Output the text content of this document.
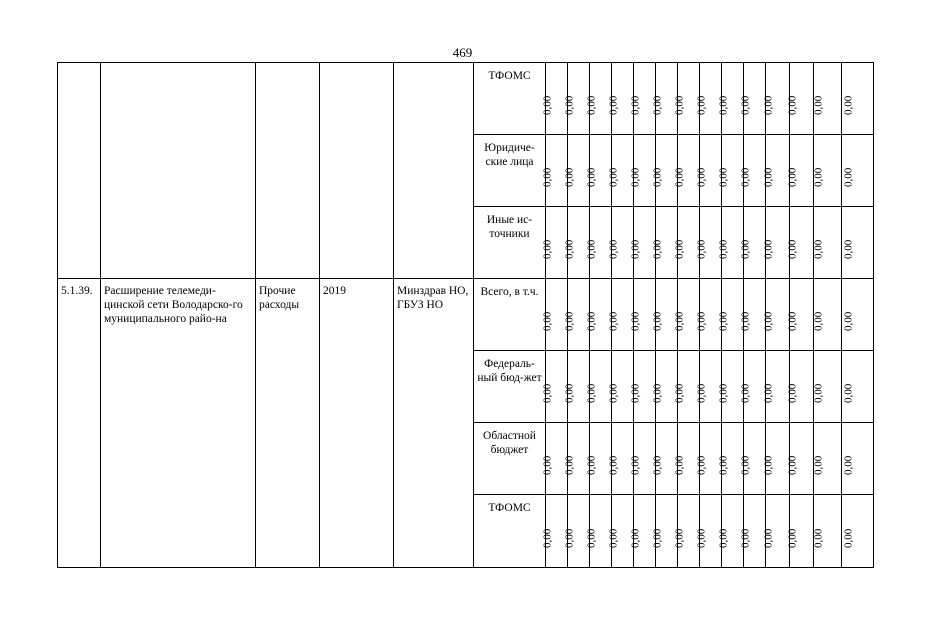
469
					ТФОМС	0,00	0,00	0,00	0,00	0,00	0,00	0,00	0,00	0,00	0,00	0,00	0,00	0,00	0,00

					Юридиче-ские лица	0,00	0,00	0,00	0,00	0,00	0,00	0,00	0,00	0,00	0,00	0,00	0,00	0,00	0,00

					Иные ис-точники	0,00	0,00	0,00	0,00	0,00	0,00	0,00	0,00	0,00	0,00	0,00	0,00	0,00	0,00

5.1.39.	Расширение телемеди-цинской сети Володарско-го муниципального райо-на	Прочие расходы	2019	Минздрав НО, ГБУЗ НО	Всего, в т.ч.	0,00	0,00	0,00	0,00	0,00	0,00	0,00	0,00	0,00	0,00	0,00	0,00	0,00	0,00

					Федераль-ный бюд-жет	0,00	0,00	0,00	0,00	0,00	0,00	0,00	0,00	0,00	0,00	0,00	0,00	0,00	0,00

					Областной бюджет	0,00	0,00	0,00	0,00	0,00	0,00	0,00	0,00	0,00	0,00	0,00	0,00	0,00	0,00

					ТФОМС	0,00	0,00	0,00	0,00	0,00	0,00	0,00	0,00	0,00	0,00	0,00	0,00	0,00	0,00
